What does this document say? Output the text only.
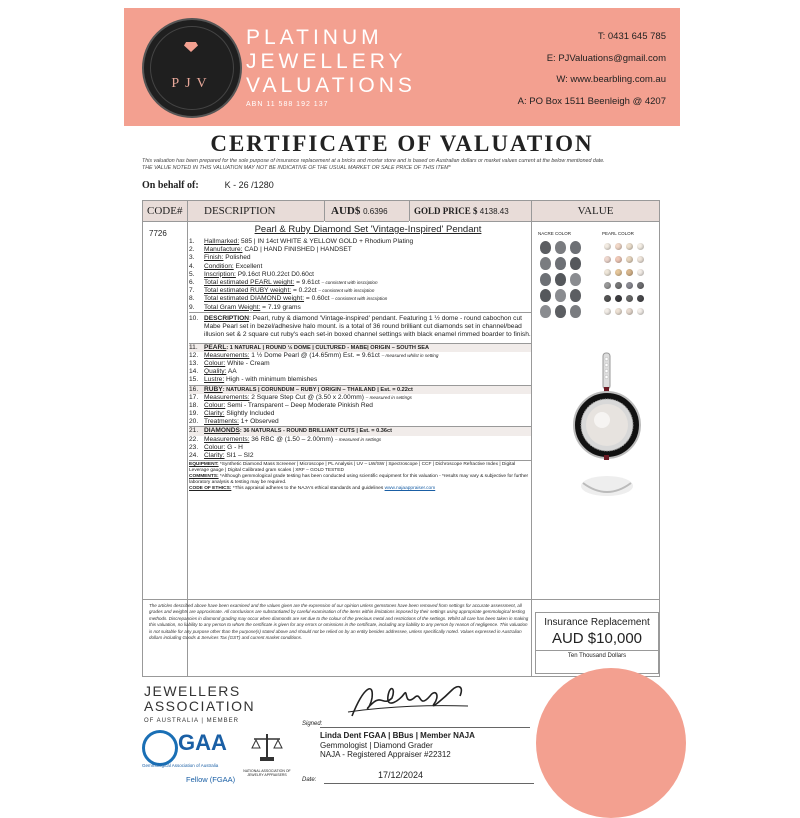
PJV
PLATINUM
JEWELLERY
VALUATIONS
ABN 11 588 192 137
T: 0431 645 785
E: PJValuations@gmail.com
W: www.bearbling.com.au
A: PO Box 1511 Beenleigh @ 4207
CERTIFICATE OF VALUATION
This valuation has been prepared for the sole purpose of insurance replacement at a bricks and mortar store and is based on Australian dollars or market values current at the below mentioned date.
THE VALUE NOTED IN THIS VALUATION MAY NOT BE INDICATIVE OF THE USUAL MARKET OR SALE PRICE OF THIS ITEM*
On behalf of:	K - 26 /1280
CODE#	DESCRIPTION	AUD$ 0.6396	GOLD PRICE $ 4138.43	VALUE
7726	Pearl & Ruby Diamond Set 'Vintage-Inspired' Pendant
1. Hallmarked: 585 | IN 14ct WHITE & YELLOW GOLD + Rhodium Plating
2. Manufacture: CAD | HAND FINISHED | HANDSET
3. Finish: Polished
4. Condition: Excellent
5. Inscription: P9.16ct RU0.22ct D0.60ct
6. Total estimated PEARL weight: = 9.61ct – consistent with inscription
7. Total estimated RUBY weight: = 0.22ct – consistent with inscription
8. Total estimated DIAMOND weight: = 0.60ct – consistent with inscription
9. Total Gram Weight: = 7.19 grams
10. DESCRIPTION: Pearl, ruby & diamond 'Vintage-inspired' pendant. Featuring 1 ½ dome - round cabochon cut Mabe Pearl set in bezel/adhesive halo mount. is a total of 36 round brilliant cut diamonds set in channel/bead illusion set & 2 square cut ruby's each set-in boxed channel settings with black enamel rimmed boarder to finish.
11. PEARL: 1 NATURAL | ROUND ½ DOME | CULTURED - MABE| ORIGIN – SOUTH SEA
12. Measurements: 1 ½ Dome Pearl @ (14.65mm) Est. = 9.61ct – measured whilst in setting
13. Colour: White - Cream
14. Quality: AA
15. Lustre: High - with minimum blemishes
16. RUBY: NATURALS | CORUNDUM – RUBY | ORIGIN – THAILAND | Est. = 0.22ct
17. Measurements: 2 Square Step Cut @ (3.50 x 2.00mm) – measured in settings
18. Colour: Semi - Transparent – Deep Moderate Pinkish Red
19. Clarity: Slightly Included
20. Treatments: 1+ Observed
21. DIAMONDS: 36 NATURALS - ROUND BRILLIANT CUTS | Est. = 0.36ct
22. Measurements: 36 RBC @ (1.50 – 2.00mm) – measured in settings
23. Colour: G - H
24. Clarity: SI1 – SI2
EQUIPMENT: *Synthetic Diamond Mass Screener | Microscope | PL Analysis | UV – LW/SW | Spectroscope | CCF | Dichroscope Refractive Index | Digital Leverage gauge | Digital Calibrated gram scales | XRF – GOLD TESTED
COMMENTS: *Although gemmological grade testing has been conducted using scientific equipment for this valuation - *results may vary & subjective for further laboratory analysis & testing may be required.
CODE OF ETHICS: *This appraisal adheres to the NAJA's ethical standards and guidelines www.najaappraiser.com
NACRE COLOR	PEARL COLOR
The articles described above have been examined and the values given are the expression of our opinion unless gemstones have been removed from settings for accurate assessment, all grades and weights are approximate. All conclusions are substantiated by careful examination of the items within limitations imposed by their settings using appropriate gemmological testing methods. Discrepancies in diamond grading may occur when diamonds are set due to the colour of the precious metal and restrictions of the settings. Whilst all care has been taken in making this valuation, no liability to any person to whom the certificate is given for any errors or omissions in the certificate, including any liability to any person by reason of negligence. This valuation is not suitable for any purpose other than the purpose(s) stated above and should not be relied on by an entity besides addressee, unless specifically noted. Values expressed in Australian dollars including Goods & Services Tax (GST) and current market conditions.
Insurance Replacement
AUD $10,000
Ten Thousand Dollars
JEWELLERS
ASSOCIATION
OF AUSTRALIA | MEMBER
GAA
Gemmological Association of Australia
Fellow (FGAA)
NATIONAL ASSOCIATION OF JEWELRY APPRAISERS
Signed:
Linda Dent FGAA | BBus | Member NAJA
Gemmologist | Diamond Grader
NAJA - Registered Appraiser #22312
Date:	17/12/2024
